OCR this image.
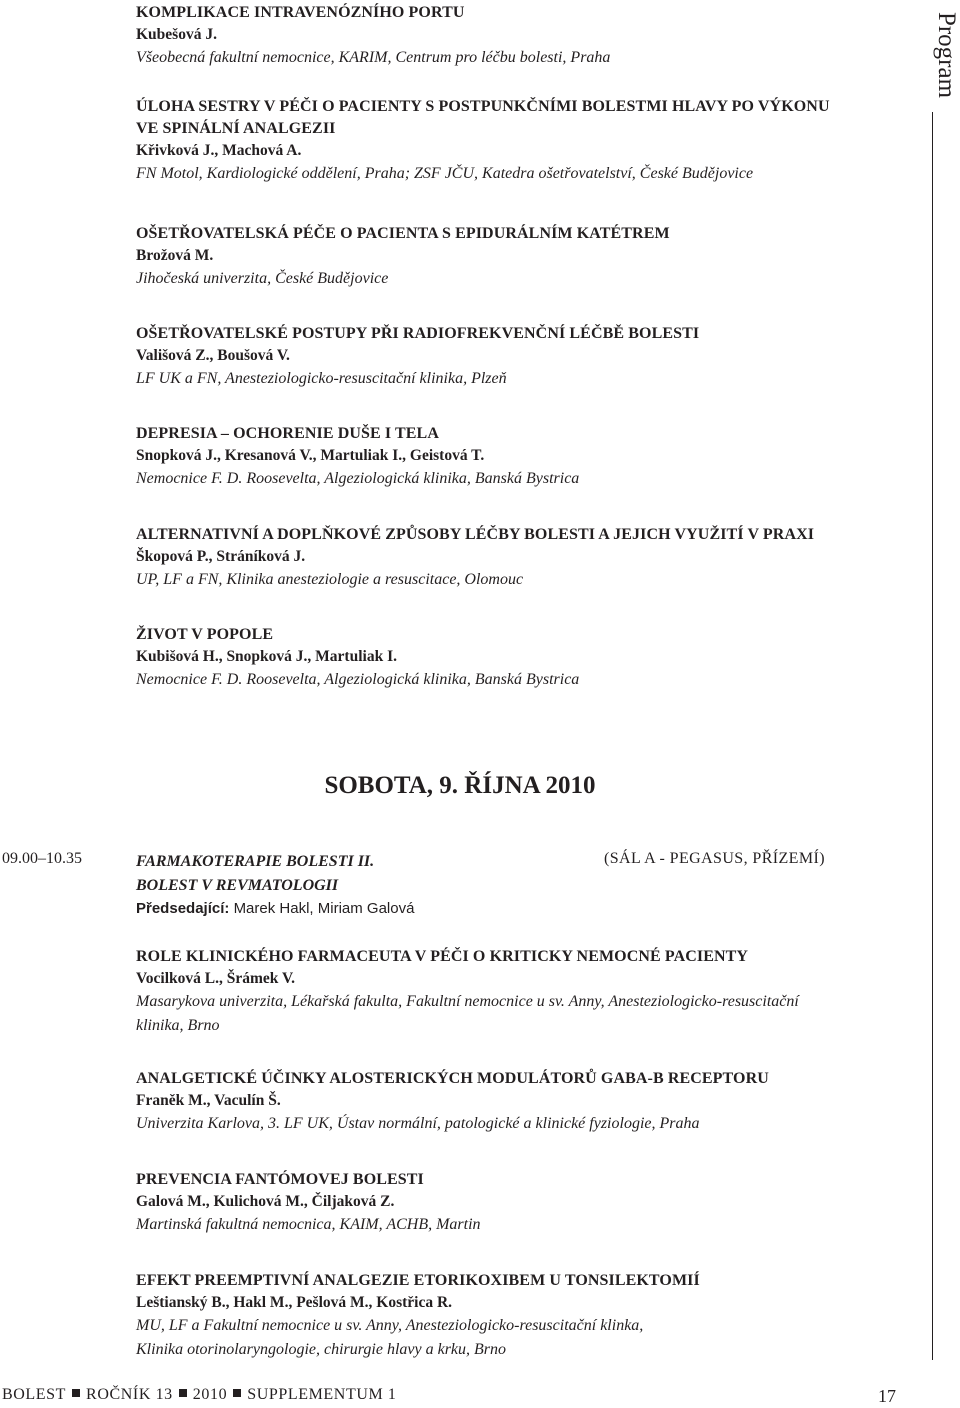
Program
KOMPLIKACE INTRAVENÓZNÍHO PORTU
Kubešová J.
Všeobecná fakultní nemocnice, KARIM, Centrum pro léčbu bolesti, Praha
ÚLOHA SESTRY V PÉČI O PACIENTY S POSTPUNKČNÍMI BOLESTMI HLAVY PO VÝKONU
VE SPINÁLNÍ ANALGEZII
Křivková J., Machová A.
FN Motol, Kardiologické oddělení, Praha; ZSF JČU, Katedra ošetřovatelství, České Budějovice
OŠETŘOVATELSKÁ PÉČE O PACIENTA S EPIDURÁLNÍM KATÉTREM
Brožová M.
Jihočeská univerzita, České Budějovice
OŠETŘOVATELSKÉ POSTUPY PŘI RADIOFREKVENČNÍ LÉČBĚ BOLESTI
Vališová Z., Boušová V.
LF UK a FN, Anesteziologicko-resuscitační klinika, Plzeň
DEPRESIA – OCHORENIE DUŠE I TELA
Snopková J., Kresanová V., Martuliak I., Geistová T.
Nemocnice F. D. Roosevelta, Algeziologická klinika, Banská Bystrica
ALTERNATIVNÍ A DOPLŇKOVÉ ZPŮSOBY LÉČBY BOLESTI A JEJICH VYUŽITÍ V PRAXI
Škopová P., Stráníková J.
UP, LF a FN, Klinika anesteziologie a resuscitace, Olomouc
ŽIVOT V POPOLE
Kubišová H., Snopková J., Martuliak I.
Nemocnice F. D. Roosevelta, Algeziologická klinika, Banská Bystrica
SOBOTA, 9. ŘÍJNA 2010
09.00–10.35	FARMAKOTERAPIE BOLESTI II.
BOLEST V REVMATOLOGII
(SÁL A - PEGASUS, PŘÍZEMÍ)
Předsedající: Marek Hakl, Miriam Galová
ROLE KLINICKÉHO FARMACEUTA V PÉČI O KRITICKY NEMOCNÉ PACIENTY
Vocilková L., Šrámek V.
Masarykova univerzita, Lékařská fakulta, Fakultní nemocnice u sv. Anny, Anesteziologicko-resuscitační
klinika, Brno
ANALGETICKÉ ÚČINKY ALOSTERICKÝCH MODULÁTORŮ GABA-B RECEPTORU
Franěk M., Vaculín Š.
Univerzita Karlova, 3. LF UK, Ústav normální, patologické a klinické fyziologie, Praha
PREVENCIA FANTÓMOVEJ BOLESTI
Galová M., Kulichová M., Čiljaková Z.
Martinská fakultná nemocnica, KAIM, ACHB, Martin
EFEKT PREEMPTIVNÍ ANALGEZIE ETORIKOXIBEM U TONSILEKTOMIÍ
Leštianský B., Hakl M., Pešlová M., Kostřica R.
MU, LF a Fakultní nemocnice u sv. Anny, Anesteziologicko-resuscitační klinka,
Klinika otorinolaryngologie, chirurgie hlavy a krku, Brno
BOLEST ROČNÍK 13 2010 SUPPLEMENTUM 1	17
